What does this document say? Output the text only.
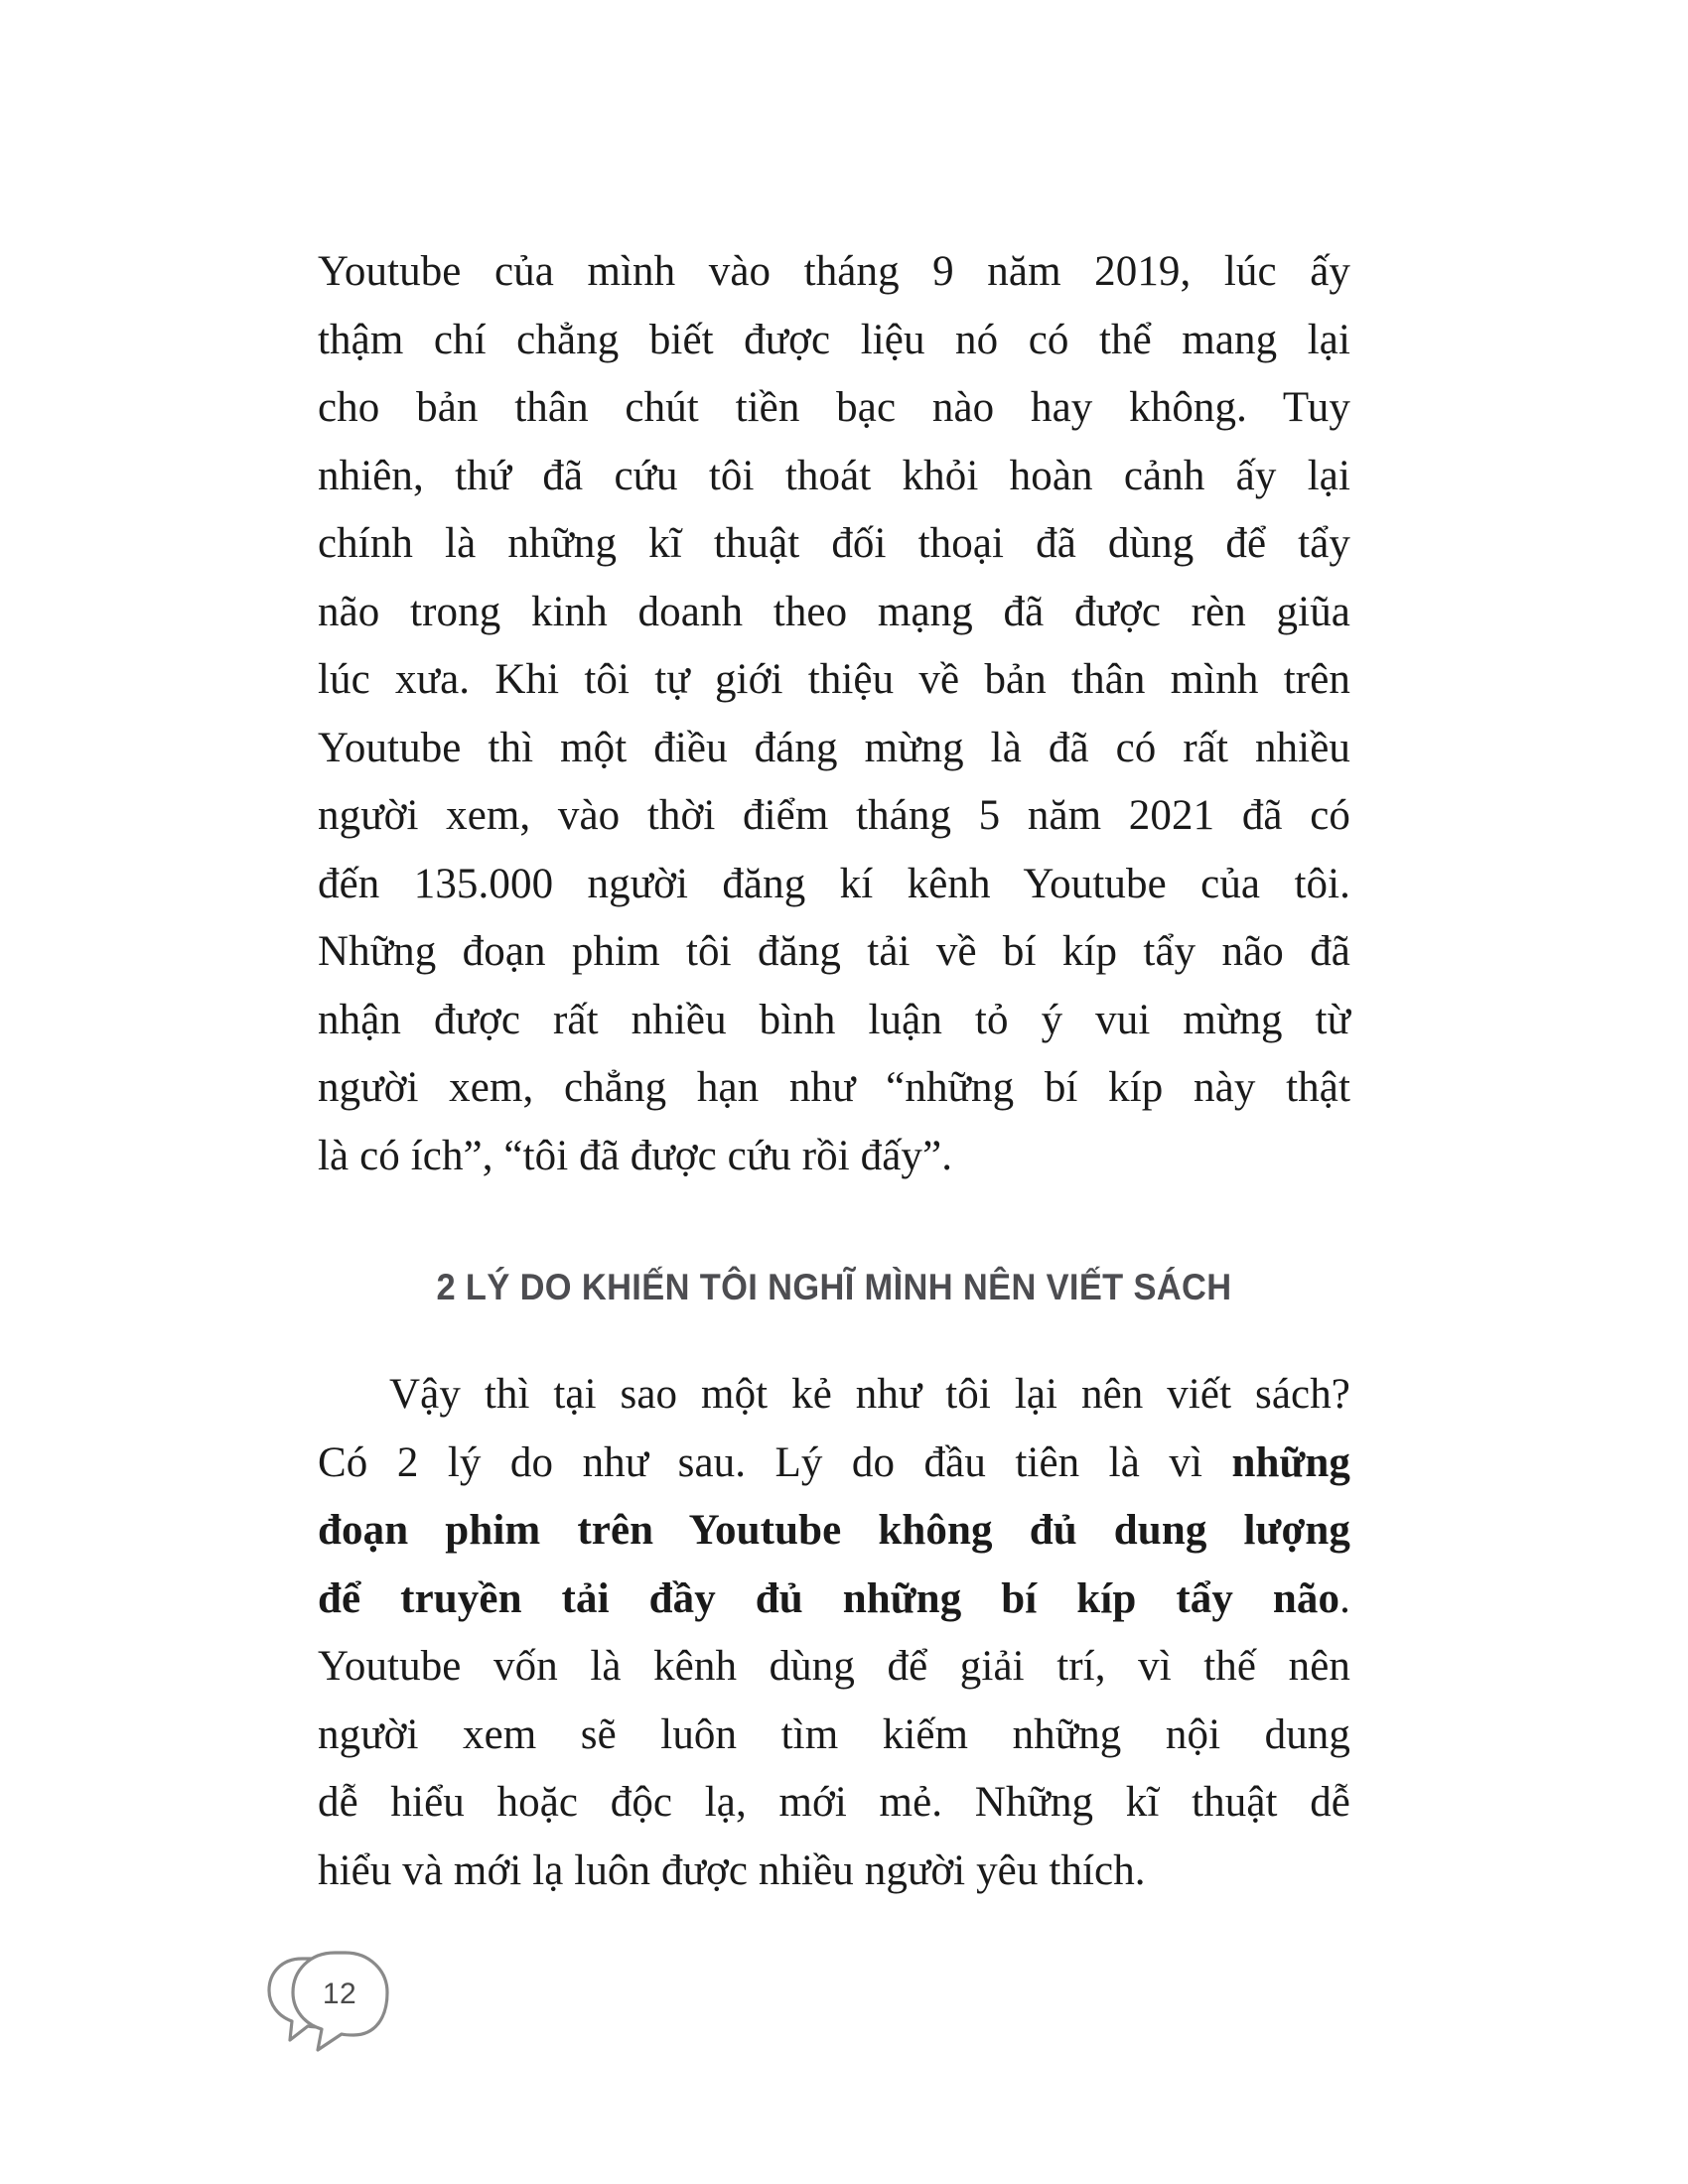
Youtube của mình vào tháng 9 năm 2019, lúc ấy
thậm chí chẳng biết được liệu nó có thể mang lại
cho bản thân chút tiền bạc nào hay không. Tuy
nhiên, thứ đã cứu tôi thoát khỏi hoàn cảnh ấy lại
chính là những kĩ thuật đối thoại đã dùng để tẩy
não trong kinh doanh theo mạng đã được rèn giũa
lúc xưa. Khi tôi tự giới thiệu về bản thân mình trên
Youtube thì một điều đáng mừng là đã có rất nhiều
người xem, vào thời điểm tháng 5 năm 2021 đã có
đến 135.000 người đăng kí kênh Youtube của tôi.
Những đoạn phim tôi đăng tải về bí kíp tẩy não đã
nhận được rất nhiều bình luận tỏ ý vui mừng từ
người xem, chẳng hạn như “những bí kíp này thật
là có ích”, “tôi đã được cứu rồi đấy”.

2 LÝ DO KHIẾN TÔI NGHĨ MÌNH NÊN VIẾT SÁCH

Vậy thì tại sao một kẻ như tôi lại nên viết sách?
Có 2 lý do như sau. Lý do đầu tiên là vì những
đoạn phim trên Youtube không đủ dung lượng
để truyền tải đầy đủ những bí kíp tẩy não.
Youtube vốn là kênh dùng để giải trí, vì thế nên
người xem sẽ luôn tìm kiếm những nội dung
dễ hiểu hoặc độc lạ, mới mẻ. Những kĩ thuật dễ
hiểu và mới lạ luôn được nhiều người yêu thích.

12
